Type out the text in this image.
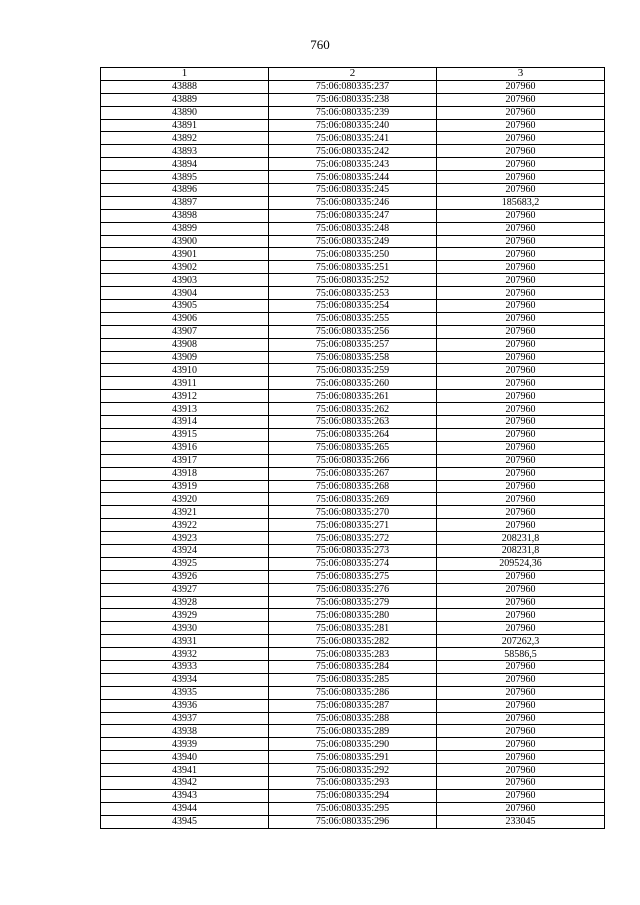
760
1	2	3
43888	75:06:080335:237	207960
43889	75:06:080335:238	207960
43890	75:06:080335:239	207960
43891	75:06:080335:240	207960
43892	75:06:080335:241	207960
43893	75:06:080335:242	207960
43894	75:06:080335:243	207960
43895	75:06:080335:244	207960
43896	75:06:080335:245	207960
43897	75:06:080335:246	185683,2
43898	75:06:080335:247	207960
43899	75:06:080335:248	207960
43900	75:06:080335:249	207960
43901	75:06:080335:250	207960
43902	75:06:080335:251	207960
43903	75:06:080335:252	207960
43904	75:06:080335:253	207960
43905	75:06:080335:254	207960
43906	75:06:080335:255	207960
43907	75:06:080335:256	207960
43908	75:06:080335:257	207960
43909	75:06:080335:258	207960
43910	75:06:080335:259	207960
43911	75:06:080335:260	207960
43912	75:06:080335:261	207960
43913	75:06:080335:262	207960
43914	75:06:080335:263	207960
43915	75:06:080335:264	207960
43916	75:06:080335:265	207960
43917	75:06:080335:266	207960
43918	75:06:080335:267	207960
43919	75:06:080335:268	207960
43920	75:06:080335:269	207960
43921	75:06:080335:270	207960
43922	75:06:080335:271	207960
43923	75:06:080335:272	208231,8
43924	75:06:080335:273	208231,8
43925	75:06:080335:274	209524,36
43926	75:06:080335:275	207960
43927	75:06:080335:276	207960
43928	75:06:080335:279	207960
43929	75:06:080335:280	207960
43930	75:06:080335:281	207960
43931	75:06:080335:282	207262,3
43932	75:06:080335:283	58586,5
43933	75:06:080335:284	207960
43934	75:06:080335:285	207960
43935	75:06:080335:286	207960
43936	75:06:080335:287	207960
43937	75:06:080335:288	207960
43938	75:06:080335:289	207960
43939	75:06:080335:290	207960
43940	75:06:080335:291	207960
43941	75:06:080335:292	207960
43942	75:06:080335:293	207960
43943	75:06:080335:294	207960
43944	75:06:080335:295	207960
43945	75:06:080335:296	233045
